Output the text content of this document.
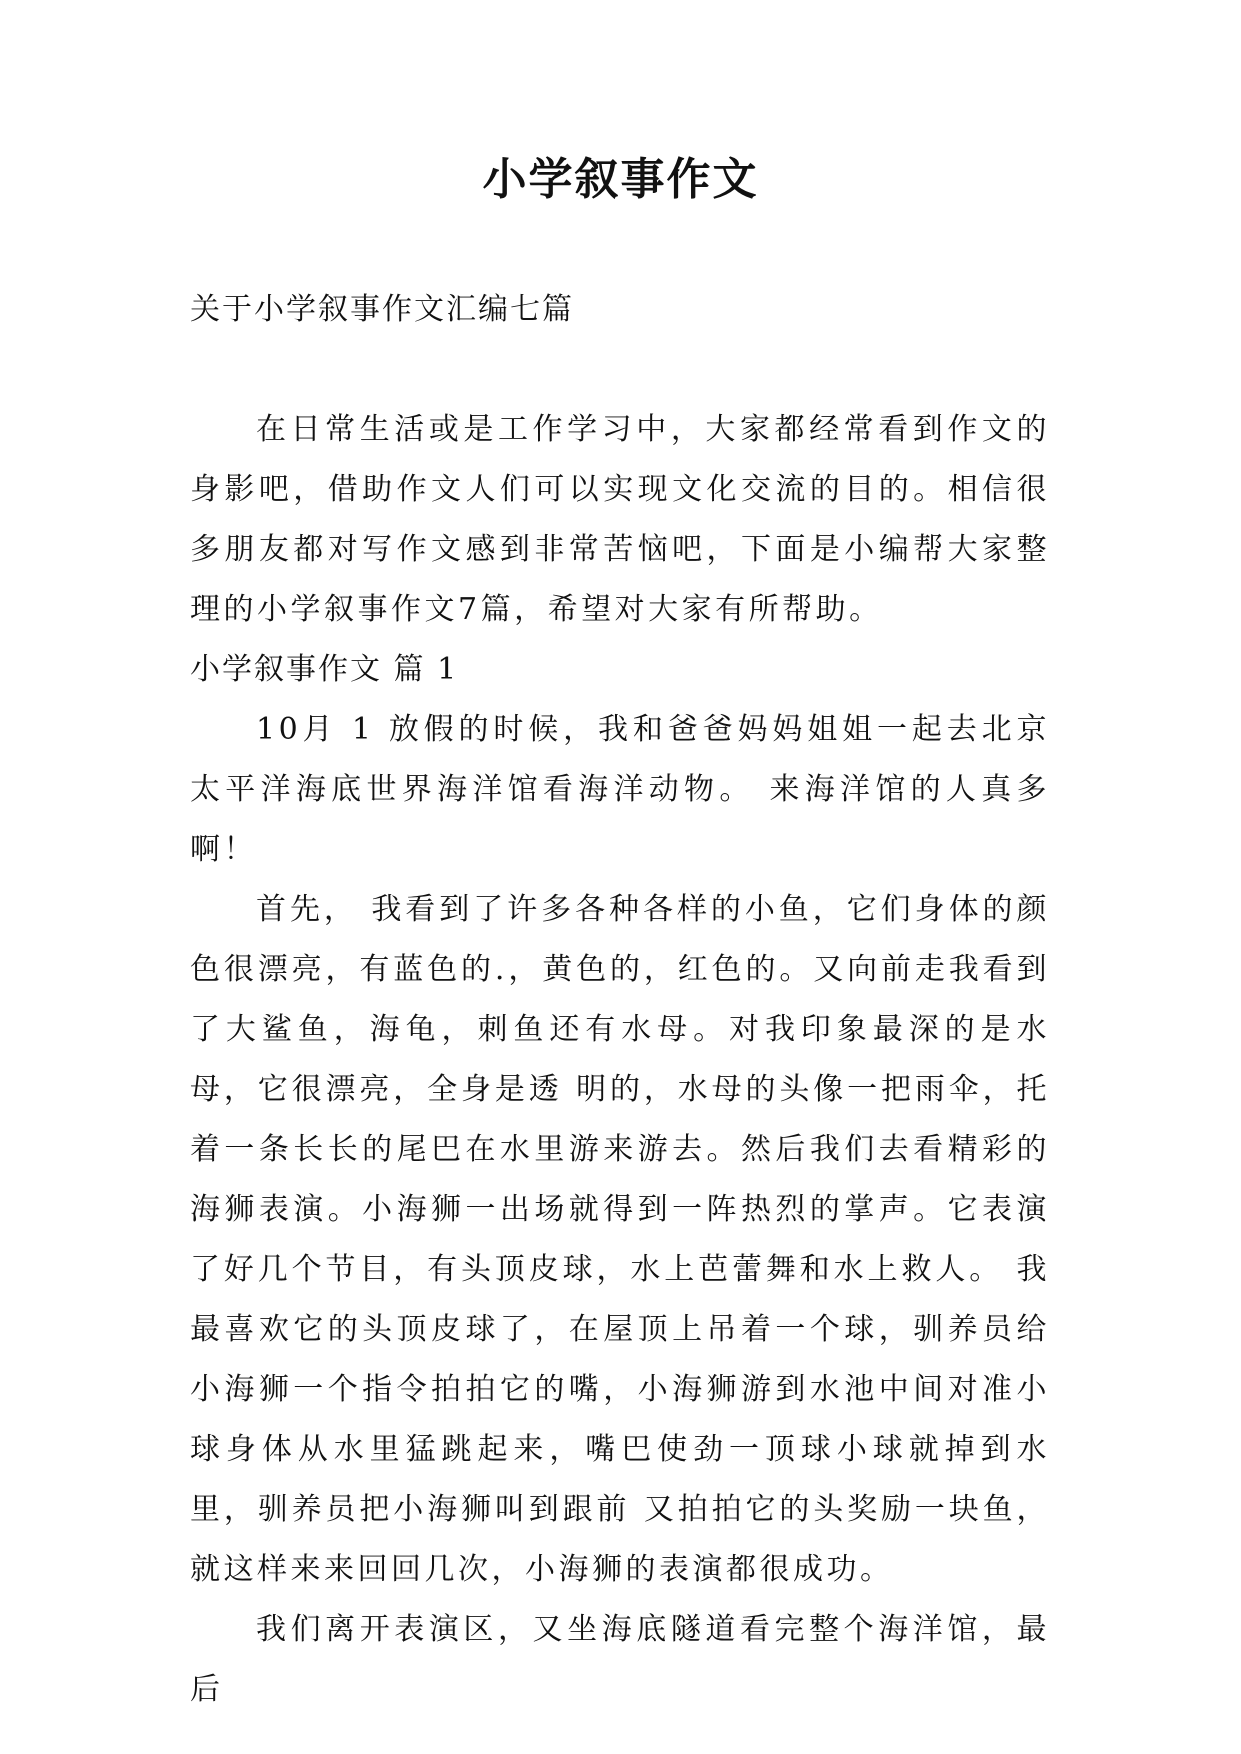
小学叙事作文

关于小学叙事作文汇编七篇

在日常生活或是工作学习中，大家都经常看到作文的身影吧，借助作文人们可以实现文化交流的目的。相信很多朋友都对写作文感到非常苦恼吧，下面是小编帮大家整理的小学叙事作文7篇，希望对大家有所帮助。

小学叙事作文 篇 1

10月 1 放假的时候，我和爸爸妈妈姐姐一起去北京太平洋海底世界海洋馆看海洋动物。 来海洋馆的人真多啊！

首先， 我看到了许多各种各样的小鱼，它们身体的颜色很漂亮，有蓝色的.，黄色的，红色的。又向前走我看到了大鲨鱼，海龟，刺鱼还有水母。对我印象最深的是水母，它很漂亮，全身是透 明的，水母的头像一把雨伞，托着一条长长的尾巴在水里游来游去。然后我们去看精彩的海狮表演。小海狮一出场就得到一阵热烈的掌声。它表演了好几个节目，有头顶皮球，水上芭蕾舞和水上救人。 我最喜欢它的头顶皮球了，在屋顶上吊着一个球，驯养员给小海狮一个指令拍拍它的嘴，小海狮游到水池中间对准小球身体从水里猛跳起来，嘴巴使劲一顶球小球就掉到水里，驯养员把小海狮叫到跟前 又拍拍它的头奖励一块鱼，就这样来来回回几次，小海狮的表演都很成功。

我们离开表演区，又坐海底隧道看完整个海洋馆，最后
